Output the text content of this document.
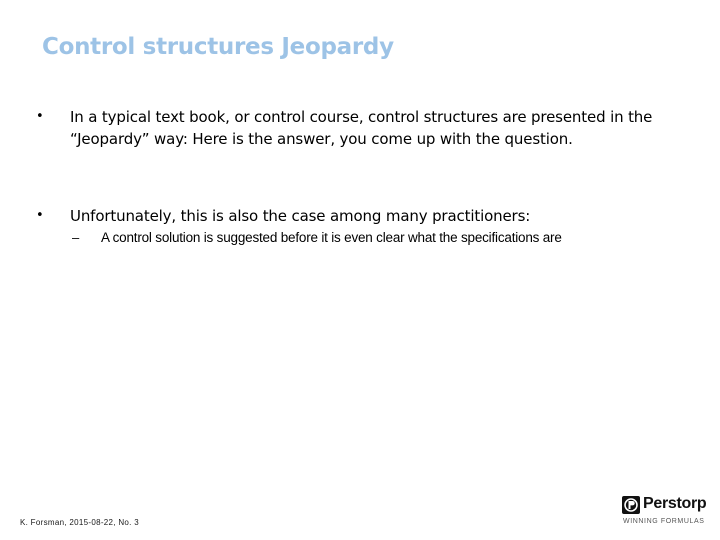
Control structures Jeopardy
•	In a typical text book, or control course, control structures are presented in the “Jeopardy” way: Here is the answer, you come up with the question.
•	Unfortunately, this is also the case among many practitioners:
–	A control solution is suggested before it is even clear what the specifications are
K. Forsman, 2015-08-22, No. 3
Perstorp
WINNING FORMULAS
